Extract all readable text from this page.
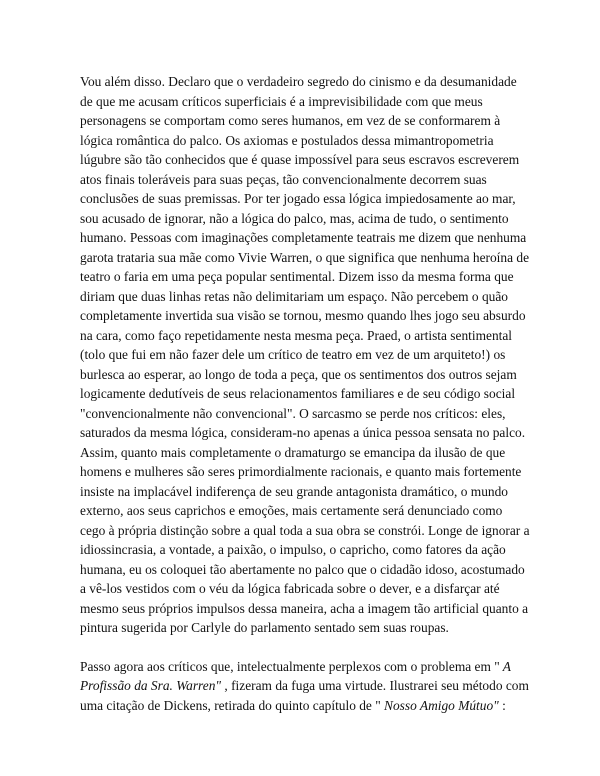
Vou além disso. Declaro que o verdadeiro segredo do cinismo e da desumanidade de que me acusam críticos superficiais é a imprevisibilidade com que meus personagens se comportam como seres humanos, em vez de se conformarem à lógica romântica do palco. Os axiomas e postulados dessa mimantropometria lúgubre são tão conhecidos que é quase impossível para seus escravos escreverem atos finais toleráveis para suas peças, tão convencionalmente decorrem suas conclusões de suas premissas. Por ter jogado essa lógica impiedosamente ao mar, sou acusado de ignorar, não a lógica do palco, mas, acima de tudo, o sentimento humano. Pessoas com imaginações completamente teatrais me dizem que nenhuma garota trataria sua mãe como Vivie Warren, o que significa que nenhuma heroína de teatro o faria em uma peça popular sentimental. Dizem isso da mesma forma que diriam que duas linhas retas não delimitariam um espaço. Não percebem o quão completamente invertida sua visão se tornou, mesmo quando lhes jogo seu absurdo na cara, como faço repetidamente nesta mesma peça. Praed, o artista sentimental (tolo que fui em não fazer dele um crítico de teatro em vez de um arquiteto!) os burlesca ao esperar, ao longo de toda a peça, que os sentimentos dos outros sejam logicamente dedutíveis de seus relacionamentos familiares e de seu código social "convencionalmente não convencional". O sarcasmo se perde nos críticos: eles, saturados da mesma lógica, consideram-no apenas a única pessoa sensata no palco. Assim, quanto mais completamente o dramaturgo se emancipa da ilusão de que homens e mulheres são seres primordialmente racionais, e quanto mais fortemente insiste na implacável indiferença de seu grande antagonista dramático, o mundo externo, aos seus caprichos e emoções, mais certamente será denunciado como cego à própria distinção sobre a qual toda a sua obra se constrói. Longe de ignorar a idiossincrasia, a vontade, a paixão, o impulso, o capricho, como fatores da ação humana, eu os coloquei tão abertamente no palco que o cidadão idoso, acostumado a vê-los vestidos com o véu da lógica fabricada sobre o dever, e a disfarçar até mesmo seus próprios impulsos dessa maneira, acha a imagem tão artificial quanto a pintura sugerida por Carlyle do parlamento sentado sem suas roupas.

Passo agora aos críticos que, intelectualmente perplexos com o problema em " A Profissão da Sra. Warren" , fizeram da fuga uma virtude. Ilustrarei seu método com uma citação de Dickens, retirada do quinto capítulo de " Nosso Amigo Mútuo" :
